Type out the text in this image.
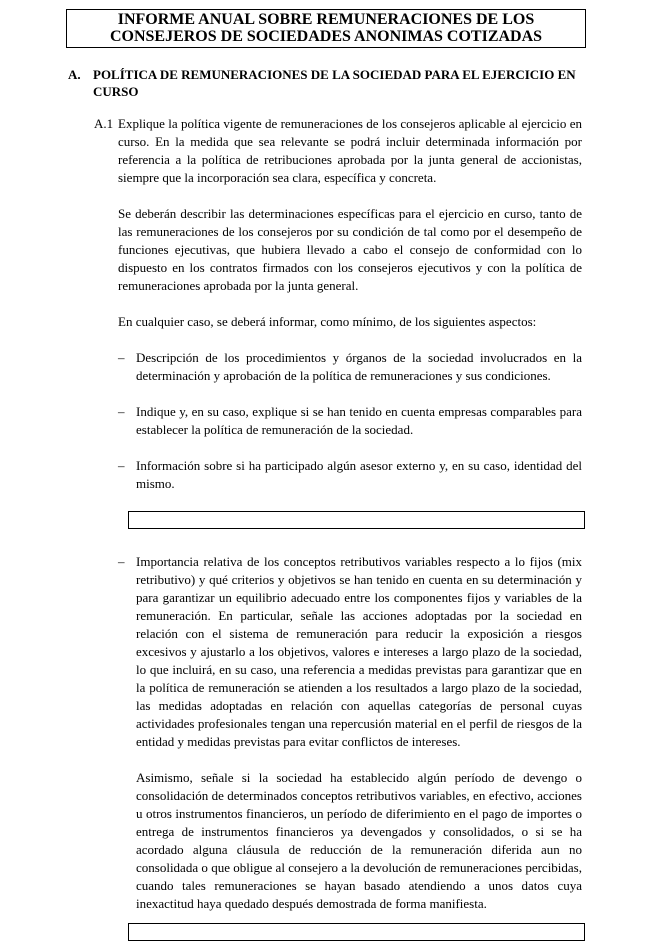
INFORME ANUAL SOBRE REMUNERACIONES DE LOS
CONSEJEROS DE SOCIEDADES ANONIMAS COTIZADAS
A. POLÍTICA DE REMUNERACIONES DE LA SOCIEDAD PARA EL EJERCICIO EN CURSO
A.1 Explique la política vigente de remuneraciones de los consejeros aplicable al ejercicio en curso. En la medida que sea relevante se podrá incluir determinada información por referencia a la política de retribuciones aprobada por la junta general de accionistas, siempre que la incorporación sea clara, específica y concreta.

Se deberán describir las determinaciones específicas para el ejercicio en curso, tanto de las remuneraciones de los consejeros por su condición de tal como por el desempeño de funciones ejecutivas, que hubiera llevado a cabo el consejo de conformidad con lo dispuesto en los contratos firmados con los consejeros ejecutivos y con la política de remuneraciones aprobada por la junta general.

En cualquier caso, se deberá informar, como mínimo, de los siguientes aspectos:

– Descripción de los procedimientos y órganos de la sociedad involucrados en la determinación y aprobación de la política de remuneraciones y sus condiciones.
– Indique y, en su caso, explique si se han tenido en cuenta empresas comparables para establecer la política de remuneración de la sociedad.
– Información sobre si ha participado algún asesor externo y, en su caso, identidad del mismo.
– Importancia relativa de los conceptos retributivos variables respecto a lo fijos (mix retributivo) y qué criterios y objetivos se han tenido en cuenta en su determinación y para garantizar un equilibrio adecuado entre los componentes fijos y variables de la remuneración. En particular, señale las acciones adoptadas por la sociedad en relación con el sistema de remuneración para reducir la exposición a riesgos excesivos y ajustarlo a los objetivos, valores e intereses a largo plazo de la sociedad, lo que incluirá, en su caso, una referencia a medidas previstas para garantizar que en la política de remuneración se atienden a los resultados a largo plazo de la sociedad, las medidas adoptadas en relación con aquellas categorías de personal cuyas actividades profesionales tengan una repercusión material en el perfil de riesgos de la entidad y medidas previstas para evitar conflictos de intereses.

Asimismo, señale si la sociedad ha establecido algún período de devengo o consolidación de determinados conceptos retributivos variables, en efectivo, acciones u otros instrumentos financieros, un período de diferimiento en el pago de importes o entrega de instrumentos financieros ya devengados y consolidados, o si se ha acordado alguna cláusula de reducción de la remuneración diferida aun no consolidada o que obligue al consejero a la devolución de remuneraciones percibidas, cuando tales remuneraciones se hayan basado atendiendo a unos datos cuya inexactitud haya quedado después demostrada de forma manifiesta.
